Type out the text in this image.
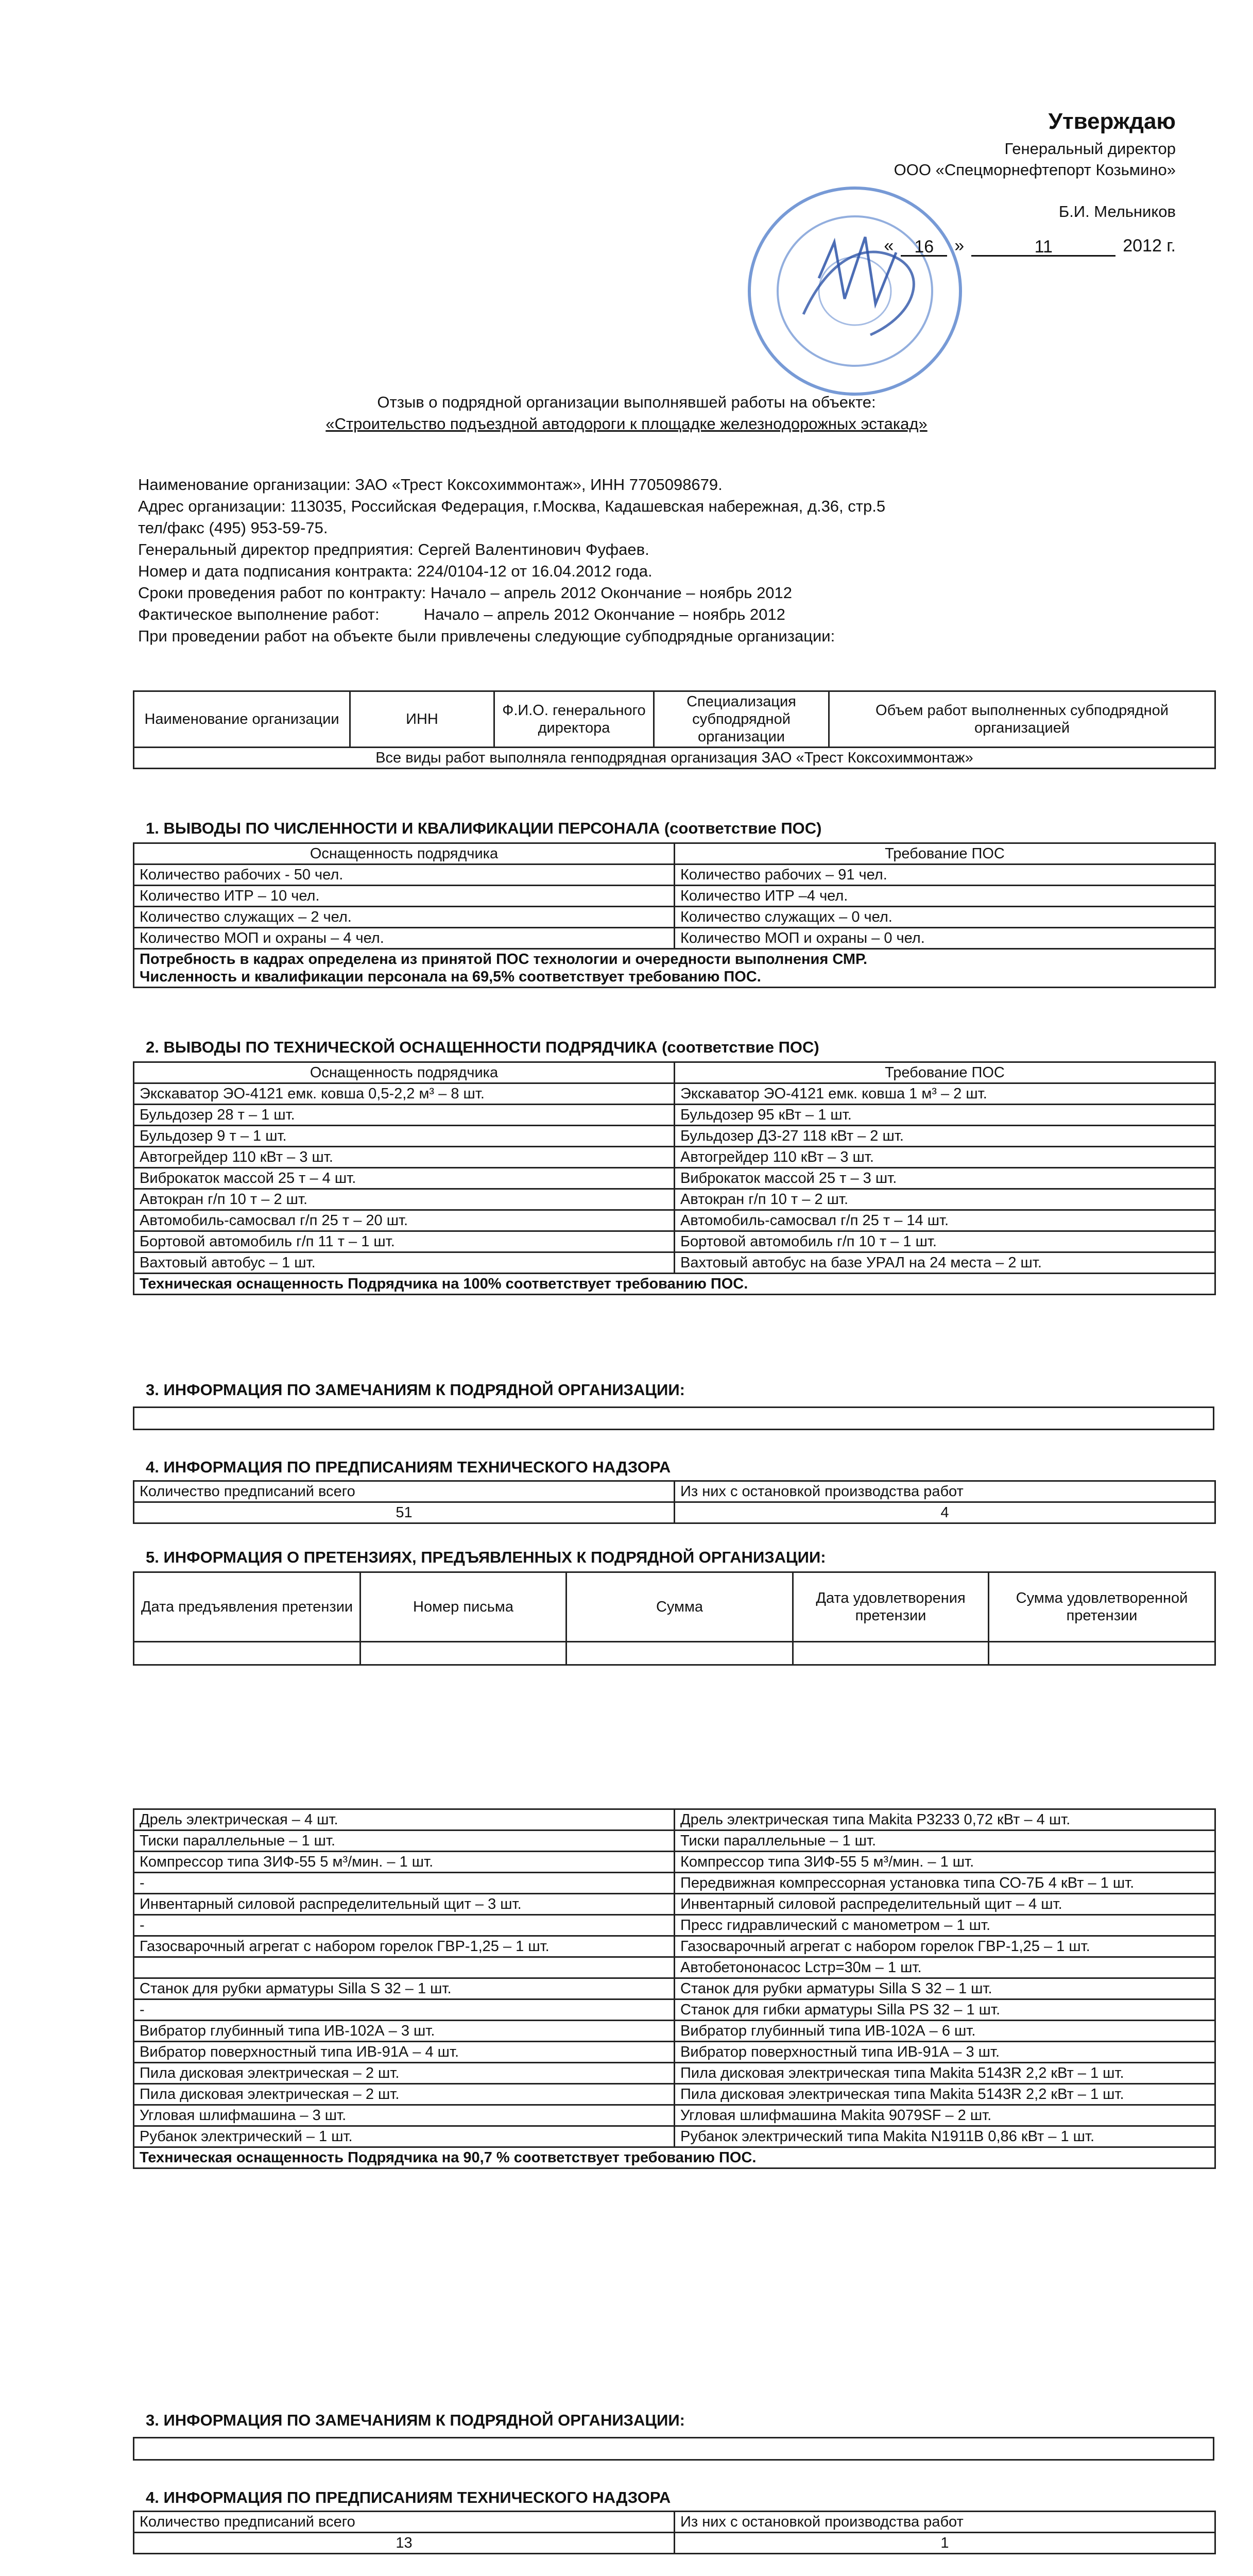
Утверждаю
Генеральный директор
ООО «Спецморнефтепорт Козьмино»
Б.И. Мельников
«	16	»	11	2012 г.
Отзыв о подрядной организации выполнявшей работы на объекте:
«Строительство подъездной автодороги к площадке железнодорожных эстакад»
Наименование организации: ЗАО «Трест Коксохиммонтаж», ИНН 7705098679.
Адрес организации: 113035, Российская Федерация, г.Москва, Кадашевская набережная, д.36, стр.5
тел/факс (495) 953-59-75.
Генеральный директор предприятия: Сергей Валентинович Фуфаев.
Номер и дата подписания контракта: 224/0104-12 от 16.04.2012 года.
Сроки проведения работ по контракту: Начало – апрель 2012 Окончание – ноябрь 2012
Фактическое выполнение работ:          Начало – апрель 2012 Окончание – ноябрь 2012
При проведении работ на объекте были привлечены следующие субподрядные организации:
Наименование организации	ИНН	Ф.И.О. генерального директора	Специализация субподрядной организации	Объем работ выполненных субподрядной организацией
Все виды работ выполняла генподрядная организация ЗАО «Трест Коксохиммонтаж»
1. ВЫВОДЫ ПО ЧИСЛЕННОСТИ И КВАЛИФИКАЦИИ ПЕРСОНАЛА (соответствие ПОС)
Оснащенность подрядчика	Требование ПОС
Количество рабочих - 50 чел.	Количество рабочих – 91 чел.
Количество ИТР – 10 чел.	Количество ИТР –4 чел.
Количество служащих – 2 чел.	Количество служащих – 0 чел.
Количество МОП и охраны – 4 чел.	Количество МОП и охраны – 0 чел.

Потребность в кадрах определена из принятой ПОС технологии и очередности выполнения СМР.
Численность и квалификации персонала на 69,5% соответствует требованию ПОС.	
2. ВЫВОДЫ ПО ТЕХНИЧЕСКОЙ ОСНАЩЕННОСТИ ПОДРЯДЧИКА (соответствие ПОС)
Оснащенность подрядчика	Требование ПОС
Экскаватор ЭО-4121 емк. ковша 0,5-2,2 м³ – 8 шт.	Экскаватор ЭО-4121 емк. ковша 1 м³ – 2 шт.
Бульдозер 28 т – 1 шт.	Бульдозер 95 кВт – 1 шт.
Бульдозер 9 т – 1 шт.	Бульдозер ДЗ-27 118 кВт – 2 шт.
Автогрейдер 110 кВт – 3 шт.	Автогрейдер 110 кВт – 3 шт.
Виброкаток массой 25 т – 4 шт.	Виброкаток массой 25 т – 3 шт.
Автокран г/п 10 т – 2 шт.	Автокран г/п 10 т – 2 шт.
Автомобиль-самосвал г/п 25 т – 20 шт.	Автомобиль-самосвал г/п 25 т – 14 шт.
Бортовой автомобиль г/п 11 т – 1 шт.	Бортовой автомобиль г/п 10 т – 1 шт.
Вахтовый автобус – 1 шт.	Вахтовый автобус на базе УРАЛ на 24 места – 2 шт.
Техническая оснащенность Подрядчика на 100% соответствует требованию ПОС.	
3. ИНФОРМАЦИЯ ПО ЗАМЕЧАНИЯМ К ПОДРЯДНОЙ ОРГАНИЗАЦИИ:
4. ИНФОРМАЦИЯ ПО ПРЕДПИСАНИЯМ ТЕХНИЧЕСКОГО НАДЗОРА
Количество предписаний всего	Из них с остановкой производства работ
51	4
5. ИНФОРМАЦИЯ О ПРЕТЕНЗИЯХ, ПРЕДЪЯВЛЕННЫХ К ПОДРЯДНОЙ ОРГАНИЗАЦИИ:
Дата предъявления претензии	Номер письма	Сумма	Дата удовлетворения претензии	Сумма удовлетворенной претензии

Дрель электрическая – 4 шт.	Дрель электрическая типа Makita P3233 0,72 кВт – 4 шт.
Тиски параллельные – 1 шт.	Тиски параллельные – 1 шт.
Компрессор типа ЗИФ-55 5 м³/мин. – 1 шт.	Компрессор типа ЗИФ-55 5 м³/мин. – 1 шт.
-	Передвижная компрессорная установка типа СО-7Б 4 кВт – 1 шт.
Инвентарный силовой распределительный щит – 3 шт.	Инвентарный силовой распределительный щит – 4 шт.
-	Пресс гидравлический с манометром – 1 шт.
Газосварочный агрегат с набором горелок ГВР-1,25 – 1 шт.	Газосварочный агрегат с набором горелок ГВР-1,25 – 1 шт.
	Автобетононасос Lстр=30м – 1 шт.
Станок для рубки арматуры Silla S 32 – 1 шт.	Станок для рубки арматуры Silla S 32 – 1 шт.
-	Станок для гибки арматуры Silla PS 32 – 1 шт.
Вибратор глубинный типа ИВ-102А – 3 шт.	Вибратор глубинный типа ИВ-102А – 6 шт.
Вибратор поверхностный типа ИВ-91А – 4 шт.	Вибратор поверхностный типа ИВ-91А – 3 шт.
Пила дисковая электрическая – 2 шт.	Пила дисковая электрическая типа Makita 5143R 2,2 кВт – 1 шт.
Пила дисковая электрическая – 2 шт.	Пила дисковая электрическая типа Makita 5143R 2,2 кВт – 1 шт.
Угловая шлифмашина – 3 шт.	Угловая шлифмашина Makita 9079SF – 2 шт.
Рубанок электрический – 1 шт.	Рубанок электрический типа Makita N1911B 0,86 кВт – 1 шт.
Техническая оснащенность Подрядчика на 90,7 % соответствует требованию ПОС.	
3. ИНФОРМАЦИЯ ПО ЗАМЕЧАНИЯМ К ПОДРЯДНОЙ ОРГАНИЗАЦИИ:
4. ИНФОРМАЦИЯ ПО ПРЕДПИСАНИЯМ ТЕХНИЧЕСКОГО НАДЗОРА
Количество предписаний всего	Из них с остановкой производства работ
13	1
